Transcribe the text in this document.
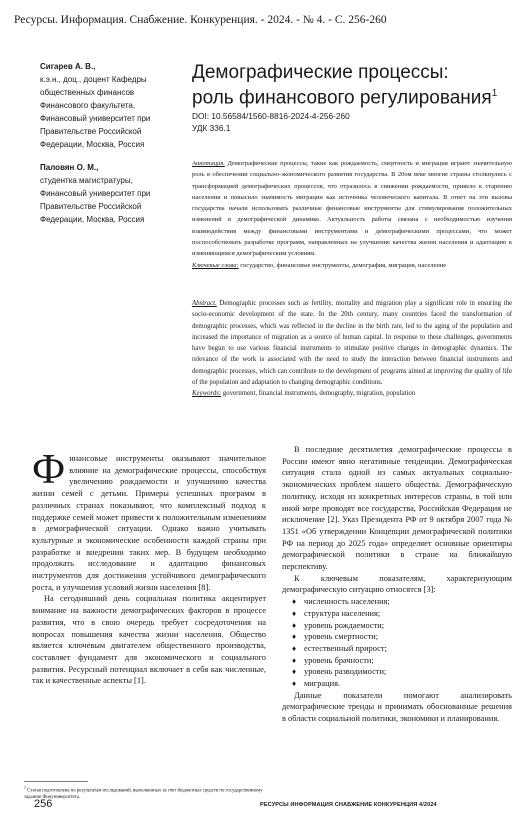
Ресурсы. Информация. Снабжение. Конкуренция. - 2024. - № 4. - С. 256-260
Сигарев А. В.,
к.э.н., доц., доцент Кафедры
общественных финансов
Финансового факультета,
Финансовый университет при
Правительстве Российской
Федерации, Москва, Россия
Паловян О. М.,
студентка магистратуры,
Финансовый университет при
Правительстве Российской
Федерации, Москва, Россия
Демографические процессы:
роль финансового регулирования$^1$
DOI: 10.56584/1560-8816-2024-4-256-260
УДК 336.1

Аннотация. Демографические процессы, такие как рождаемость, смертность и миграция играют значительную роль в обеспечении социально-экономического развития государства. В 20ом веке многие страны столкнулись с трансформацией демографических процессов, что отразилось в снижении рождаемости, привело к старению населения и повысило значимость миграции как источника человеческого капитала. В ответ на эти вызовы государства начали использовать различные финансовые инструменты для стимулирования положительных изменений в демографической динамике. Актуальность работы связана с необходимостью изучения взаимодействия между финансовыми инструментами и демографическими процессами, что может поспособствовать разработке программ, направленных на улучшение качества жизни населения и адаптацию к изменяющимся демографическим условиям.

Ключевые слова: государство, финансовые инструменты, демография, миграция, население

Abstract. Demographic processes such as fertility, mortality and migration play a significant role in ensuring the socio-economic development of the state. In the 20th century, many countries faced the transformation of demographic processes, which was reflected in the decline in the birth rate, led to the aging of the population and increased the importance of migration as a source of human capital. In response to these challenges, governments have begun to use various financial instruments to stimulate positive changes in demographic dynamics. The relevance of the work is associated with the need to study the interaction between financial instruments and demographic processes, which can contribute to the development of programs aimed at improving the quality of life of the population and adaptation to changing demographic conditions.

Keywords: government, financial instruments, demography, migration, population

Финансовые инструменты оказывают значительное влияние на демографические процессы, способствуя увеличению рождаемости и улучшению качества жизни семей с детьми. Примеры успешных программ в различных странах показывают, что комплексный подход к поддержке семей может привести к положительным изменениям в демографической ситуации. Однако важно учитывать культурные и экономические особенности каждой страны при разработке и внедрении таких мер. В будущем необходимо продолжать исследование и адаптацию финансовых инструментов для достижения устойчивого демографического роста, и улучшения условий жизни населения [8].

На сегодняшний день социальная политика акцентирует внимание на важности демографических факторов в процессе развития, что в свою очередь требует сосредоточения на вопросах повышения качества жизни населения. Общество является ключевым двигателем общественного производства, составляет фундамент для экономического и социального развития. Ресурсный потенциал включает в себя как численные, так и качественные аспекты [1].

В последние десятилетия демографические процессы в России имеют явно негативные тенденции. Демографическая ситуация стала одной из самых актуальных социально-экономических проблем нашего общества. Демографическую политику, исходя из конкретных интересов страны, в той или иной мере проводят все государства, Российская Федерация не исключение [2]. Указ Президента РФ от 9 октября 2007 года № 1351 «Об утверждении Концепции демографической политики РФ на период до 2025 года» определяет основные ориентиры демографической политики в стране на ближайшую перспективу.

К ключевым показателям, характеризующим демографическую ситуацию относятся [3]:

♦ численность населения;
♦ структура населения;
♦ уровень рождаемости;
♦ уровень смертности;
♦ естественный прирост;
♦ уровень брачности;
♦ уровень разводимости;
♦ миграция.

Данные показатели помогают анализировать демографические тренды и принимать обоснованные решения в области социальной политики, экономики и планирования.

$^1$ Статья подготовлена по результатам исследований, выполненных за счет бюджетных средств по государственному заданию Финуниверситета.
256	РЕСУРСЫ ИНФОРМАЦИЯ СНАБЖЕНИЕ КОНКУРЕНЦИЯ 4/2024
